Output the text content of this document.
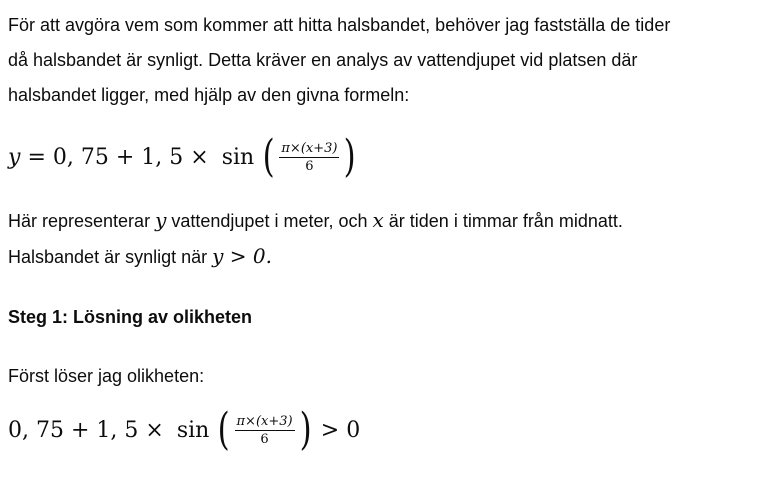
För att avgöra vem som kommer att hitta halsbandet, behöver jag fastställa de tider
då halsbandet är synligt. Detta kräver en analys av vattendjupet vid platsen där
halsbandet ligger, med hjälp av den givna formeln:

y = 0, 75 + 1, 5 × sin ( $\frac{\pi\times(x+3)}{6}$ )

Här representerar y vattendjupet i meter, och x är tiden i timmar från midnatt.
Halsbandet är synligt när y > 0.

Steg 1: Lösning av olikheten

Först löser jag olikheten:

0, 75 + 1, 5 × sin ( $\frac{\pi\times(x+3)}{6}$ ) > 0
